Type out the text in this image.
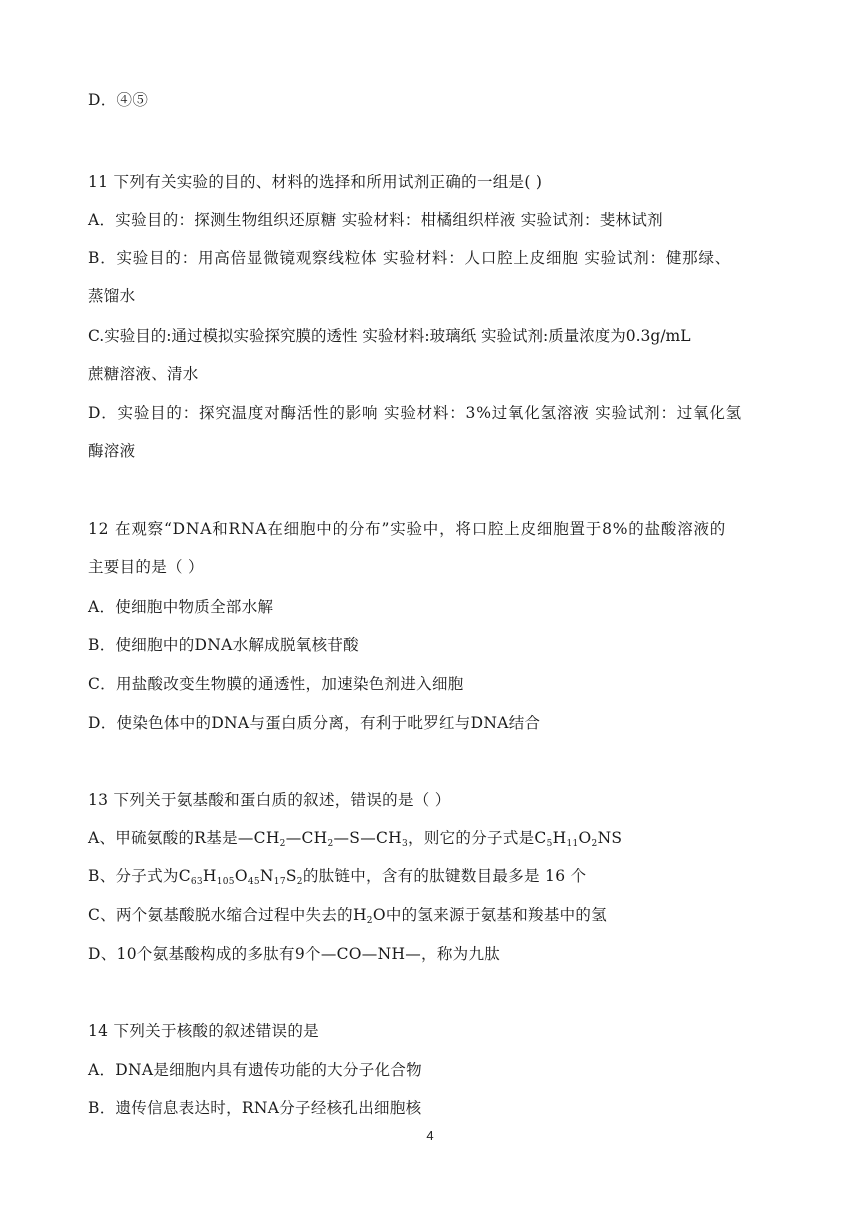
D．④⑤
11 下列有关实验的目的、材料的选择和所用试剂正确的一组是( )
A．实验目的：探测生物组织还原糖 实验材料：柑橘组织样液 实验试剂：斐林试剂
B．实验目的：用高倍显微镜观察线粒体 实验材料：人口腔上皮细胞 实验试剂：健那绿、
蒸馏水
C.实验目的:通过模拟实验探究膜的透性 实验材料:玻璃纸 实验试剂:质量浓度为0.3g/mL
蔗糖溶液、清水
D．实验目的：探究温度对酶活性的影响 实验材料：3%过氧化氢溶液 实验试剂：过氧化氢
酶溶液
12 在观察“DNA和RNA在细胞中的分布”实验中，将口腔上皮细胞置于8%的盐酸溶液的
主要目的是（ ）
A．使细胞中物质全部水解
B．使细胞中的DNA水解成脱氧核苷酸
C．用盐酸改变生物膜的通透性，加速染色剂进入细胞
D．使染色体中的DNA与蛋白质分离，有利于吡罗红与DNA结合
13 下列关于氨基酸和蛋白质的叙述，错误的是（ ）
A、甲硫氨酸的R基是$—CH_2—CH_2—S—CH_3$，则它的分子式是$C_5H_{11}O_2NS$
B、分子式为$C_{63}H_{105}O_{45}N_{17}S_2$的肽链中，含有的肽键数目最多是 16 个
C、两个氨基酸脱水缩合过程中失去的$H_2O$中的氢来源于氨基和羧基中的氢
D、10个氨基酸构成的多肽有9个—CO—NH—，称为九肽
14 下列关于核酸的叙述错误的是
A．DNA是细胞内具有遗传功能的大分子化合物
B．遗传信息表达时，RNA分子经核孔出细胞核
4
